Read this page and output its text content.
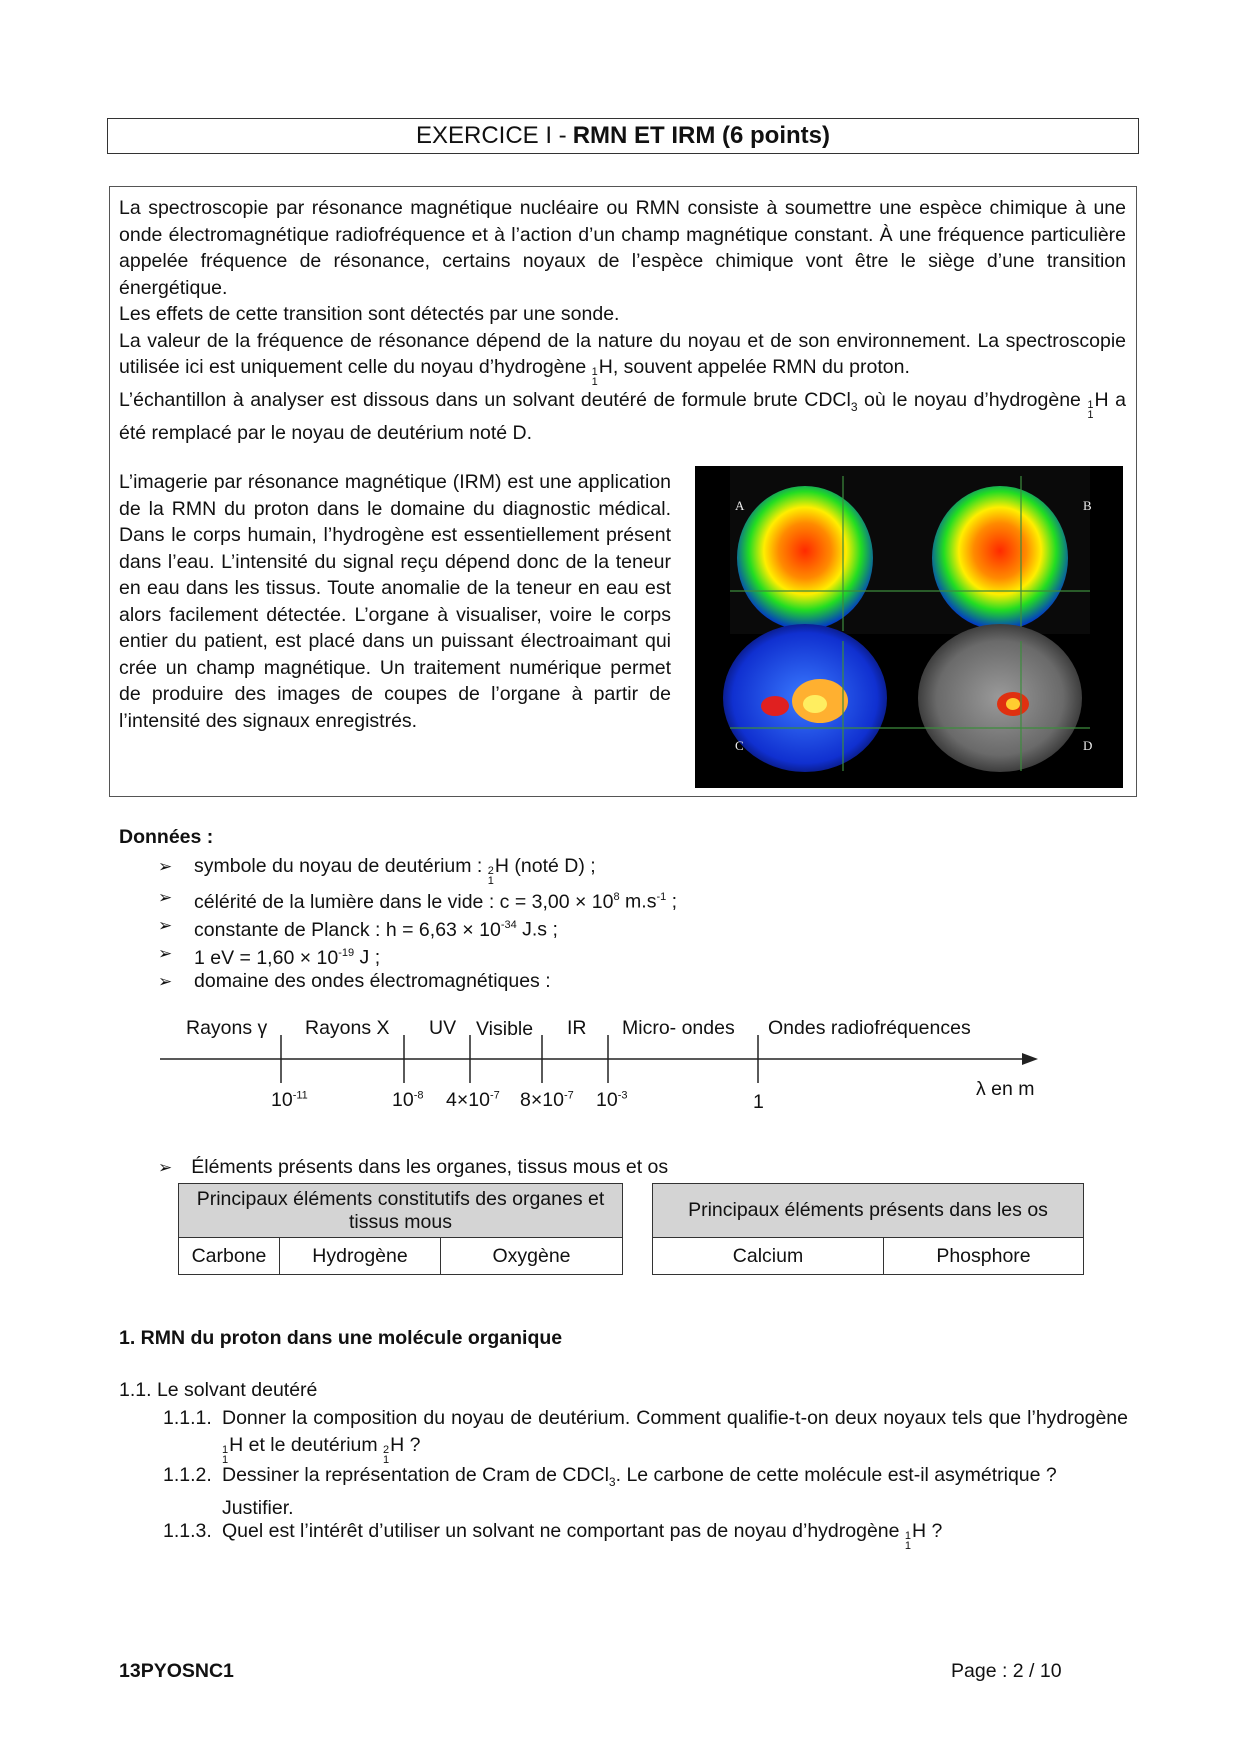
EXERCICE I - RMN ET IRM (6 points)
La spectroscopie par résonance magnétique nucléaire ou RMN consiste à soumettre une espèce chimique à une onde électromagnétique radiofréquence et à l’action d’un champ magnétique constant. À une fréquence particulière appelée fréquence de résonance, certains noyaux de l’espèce chimique vont être le siège d’une transition énergétique.
Les effets de cette transition sont détectés par une sonde.
La valeur de la fréquence de résonance dépend de la nature du noyau et de son environnement. La spectroscopie utilisée ici est uniquement celle du noyau d’hydrogène 1
1
H, souvent appelée RMN du proton.
L’échantillon à analyser est dissous dans un solvant deutéré de formule brute CDCl$_3$ où le noyau d’hydrogène 1
1
H a été remplacé par le noyau de deutérium noté D.
L’imagerie par résonance magnétique (IRM) est une application de la RMN du proton dans le domaine du diagnostic médical. Dans le corps humain, l’hydrogène est essentiellement présent dans l’eau. L’intensité du signal reçu dépend donc de la teneur en eau dans les tissus. Toute anomalie de la teneur en eau est alors facilement détectée. L’organe à visualiser, voire le corps entier du patient, est placé dans un puissant électroaimant qui crée un champ magnétique. Un traitement numérique permet de produire des images de coupes de l’organe à partir de l’intensité des signaux enregistrés.
A	B
C	D
Données :
➢ symbole du noyau de deutérium : 2
1
H (noté D) ;
➢ célérité de la lumière dans le vide : $c = 3,00 \times 10^8$ $m.s^{-1}$ ;
➢ constante de Planck : $h = 6,63 \times 10^{-34}$ J.s ;
➢ 1 eV = $1,60 \times 10^{-19}$ J ;
➢ domaine des ondes électromagnétiques :
Rayons γ Rayons X UV Visible IR Micro- ondes Ondes radiofréquences
$10^{-11}$	$10^{-8}$ $4\times 10^{-7}$ $8\times 10^{-7}$ $10^{-3}$	1
λ en m
➢ Éléments présents dans les organes, tissus mous et os
Principaux éléments constitutifs des organes et tissus mous
Carbone	Hydrogène	Oxygène
Principaux éléments présents dans les os
Calcium	Phosphore
1. RMN du proton dans une molécule organique
1.1. Le solvant deutéré
1.1.1. Donner la composition du noyau de deutérium. Comment qualifie-t-on deux noyaux tels que l’hydrogène
1
1
H et le deutérium 2
1
H ?
1.1.2. Dessiner la représentation de Cram de CDCl$_3$. Le carbone de cette molécule est-il asymétrique ? Justifier.
1.1.3. Quel est l’intérêt d’utiliser un solvant ne comportant pas de noyau d’hydrogène 1
1
H ?
13PYOSNC1	Page : 2 / 10
